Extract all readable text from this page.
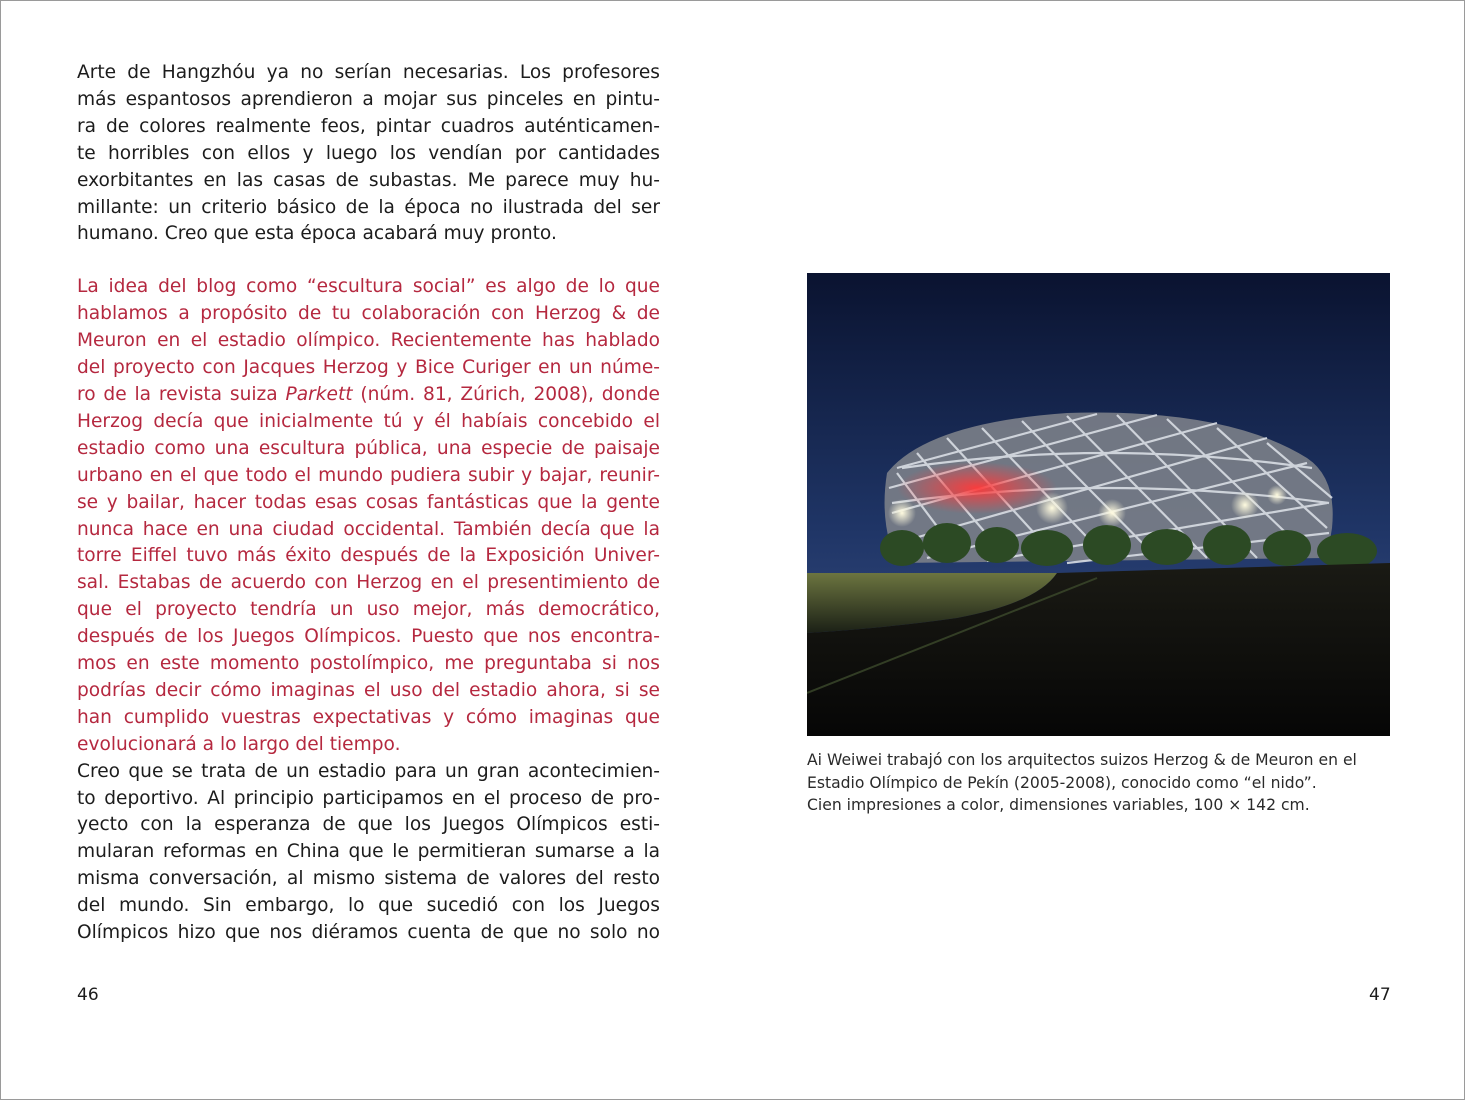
Arte de Hangzhóu ya no serían necesarias. Los profesores
más espantosos aprendieron a mojar sus pinceles en pintu-
ra de colores realmente feos, pintar cuadros auténticamen-
te horribles con ellos y luego los vendían por cantidades
exorbitantes en las casas de subastas. Me parece muy hu-
millante: un criterio básico de la época no ilustrada del ser
humano. Creo que esta época acabará muy pronto.
La idea del blog como “escultura social” es algo de lo que
hablamos a propósito de tu colaboración con Herzog & de
Meuron en el estadio olímpico. Recientemente has hablado
del proyecto con Jacques Herzog y Bice Curiger en un núme-
ro de la revista suiza Parkett (núm. 81, Zúrich, 2008), donde
Herzog decía que inicialmente tú y él habíais concebido el
estadio como una escultura pública, una especie de paisaje
urbano en el que todo el mundo pudiera subir y bajar, reunir-
se y bailar, hacer todas esas cosas fantásticas que la gente
nunca hace en una ciudad occidental. También decía que la
torre Eiffel tuvo más éxito después de la Exposición Univer-
sal. Estabas de acuerdo con Herzog en el presentimiento de
que el proyecto tendría un uso mejor, más democrático,
después de los Juegos Olímpicos. Puesto que nos encontra-
mos en este momento postolímpico, me preguntaba si nos
podrías decir cómo imaginas el uso del estadio ahora, si se
han cumplido vuestras expectativas y cómo imaginas que
evolucionará a lo largo del tiempo.
Creo que se trata de un estadio para un gran acontecimien-
to deportivo. Al principio participamos en el proceso de pro-
yecto con la esperanza de que los Juegos Olímpicos esti-
mularan reformas en China que le permitieran sumarse a la
misma conversación, al mismo sistema de valores del resto
del mundo. Sin embargo, lo que sucedió con los Juegos
Olímpicos hizo que nos diéramos cuenta de que no solo no
46
Ai Weiwei trabajó con los arquitectos suizos Herzog & de Meuron en el
Estadio Olímpico de Pekín (2005-2008), conocido como “el nido”.
Cien impresiones a color, dimensiones variables, 100 × 142 cm.
47
